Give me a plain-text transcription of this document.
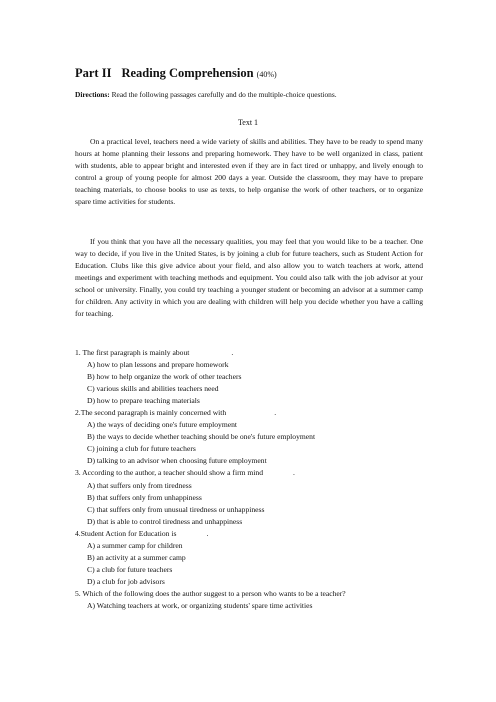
Part II Reading Comprehension (40%)
Directions: Read the following passages carefully and do the multiple-choice questions.
Text 1
On a practical level, teachers need a wide variety of skills and abilities. They have to be ready to spend many hours at home planning their lessons and preparing homework. They have to be well organized in class, patient with students, able to appear bright and interested even if they are in fact tired or unhappy, and lively enough to control a group of young people for almost 200 days a year. Outside the classroom, they may have to prepare teaching materials, to choose books to use as texts, to help organise the work of other teachers, or to organize spare time activities for students.
If you think that you have all the necessary qualities, you may feel that you would like to be a teacher. One way to decide, if you live in the United States, is by joining a club for future teachers, such as Student Action for Education. Clubs like this give advice about your field, and also allow you to watch teachers at work, attend meetings and experiment with teaching methods and equipment. You could also talk with the job advisor at your school or university. Finally, you could try teaching a younger student or becoming an advisor at a summer camp for children. Any activity in which you are dealing with children will help you decide whether you have a calling for teaching.
1. The first paragraph is mainly about	.
A) how to plan lessons and prepare homework
B) how to help organize the work of other teachers
C) various skills and abilities teachers need
D) how to prepare teaching materials
2.The second paragraph is mainly concerned with	.
A) the ways of deciding one's future employment
B) the ways to decide whether teaching should be one's future employment
C) joining a club for future teachers
D) talking to an advisor when choosing future employment
3. According to the author, a teacher should show a firm mind	.
A) that suffers only from tiredness
B) that suffers only from unhappiness
C) that suffers only from unusual tiredness or unhappiness
D) that is able to control tiredness and unhappiness
4.Student Action for Education is	.
A) a summer camp for children
B) an activity at a summer camp
C) a club for future teachers
D) a club for job advisors
5. Which of the following does the author suggest to a person who wants to be a teacher?
A) Watching teachers at work, or organizing students' spare time activities
